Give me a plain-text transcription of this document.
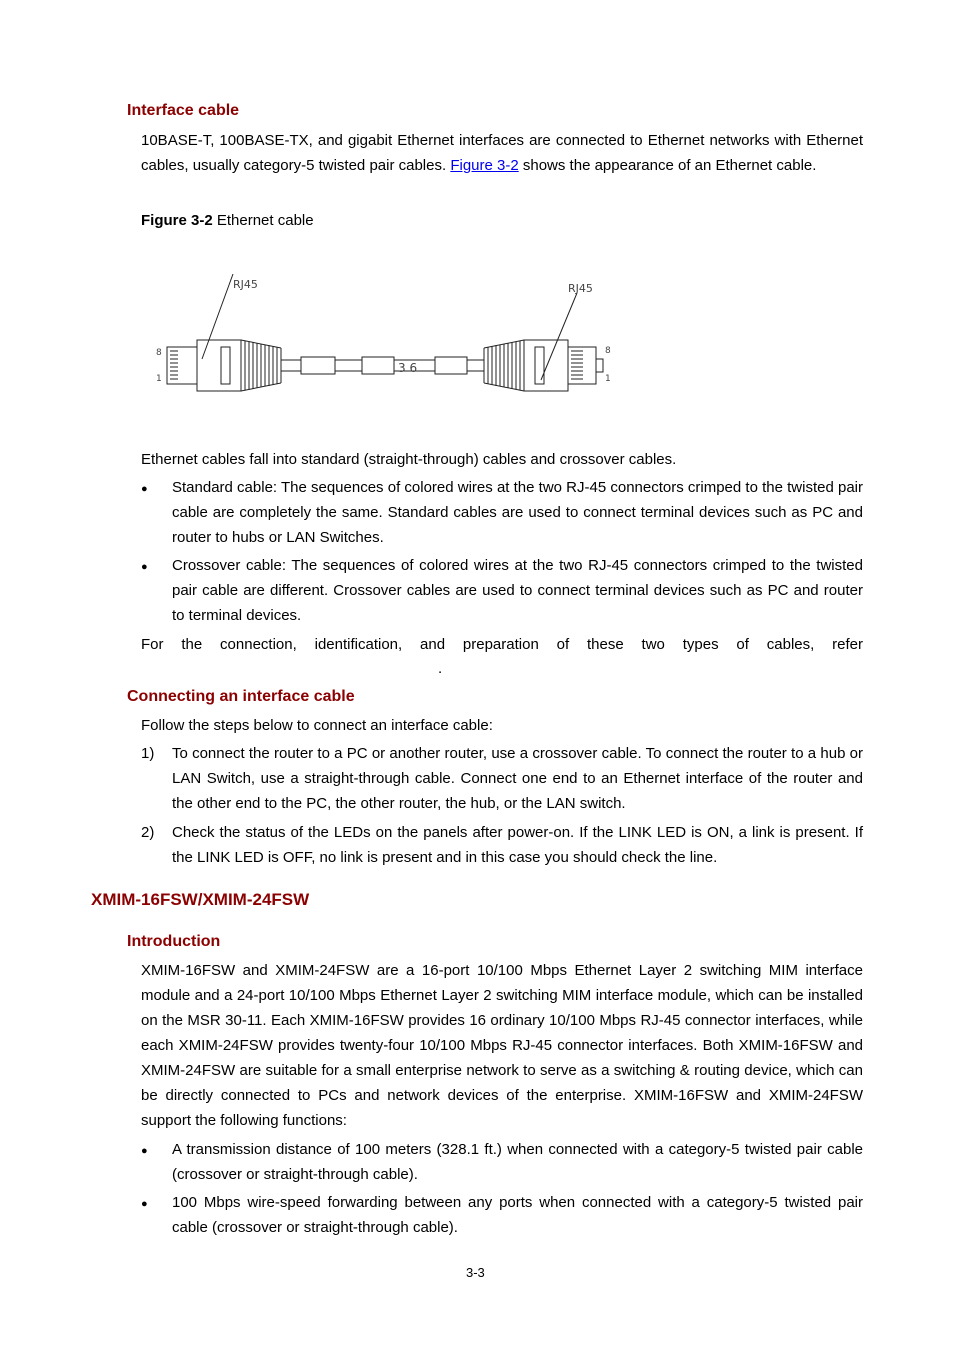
Interface cable
10BASE-T, 100BASE-TX, and gigabit Ethernet interfaces are connected to Ethernet networks with Ethernet cables, usually category-5 twisted pair cables. Figure 3-2 shows the appearance of an Ethernet cable.
Figure 3-2 Ethernet cable
RJ45	RJ45
3 6
8
1
8
1
Ethernet cables fall into standard (straight-through) cables and crossover cables.
● Standard cable: The sequences of colored wires at the two RJ-45 connectors crimped to the twisted pair cable are completely the same. Standard cables are used to connect terminal devices such as PC and router to hubs or LAN Switches.
● Crossover cable: The sequences of colored wires at the two RJ-45 connectors crimped to the twisted pair cable are different. Crossover cables are used to connect terminal devices such as PC and router to terminal devices.
For the connection, identification, and preparation of these two types of cables, refer
.
Connecting an interface cable
Follow the steps below to connect an interface cable:
1) To connect the router to a PC or another router, use a crossover cable. To connect the router to a hub or LAN Switch, use a straight-through cable. Connect one end to an Ethernet interface of the router and the other end to the PC, the other router, the hub, or the LAN switch.
2) Check the status of the LEDs on the panels after power-on. If the LINK LED is ON, a link is present. If the LINK LED is OFF, no link is present and in this case you should check the line.
XMIM-16FSW/XMIM-24FSW
Introduction
XMIM-16FSW and XMIM-24FSW are a 16-port 10/100 Mbps Ethernet Layer 2 switching MIM interface module and a 24-port 10/100 Mbps Ethernet Layer 2 switching MIM interface module, which can be installed on the MSR 30-11. Each XMIM-16FSW provides 16 ordinary 10/100 Mbps RJ-45 connector interfaces, while each XMIM-24FSW provides twenty-four 10/100 Mbps RJ-45 connector interfaces. Both XMIM-16FSW and XMIM-24FSW are suitable for a small enterprise network to serve as a switching & routing device, which can be directly connected to PCs and network devices of the enterprise. XMIM-16FSW and XMIM-24FSW support the following functions:
● A transmission distance of 100 meters (328.1 ft.) when connected with a category-5 twisted pair cable (crossover or straight-through cable).
● 100 Mbps wire-speed forwarding between any ports when connected with a category-5 twisted pair cable (crossover or straight-through cable).
3-3
